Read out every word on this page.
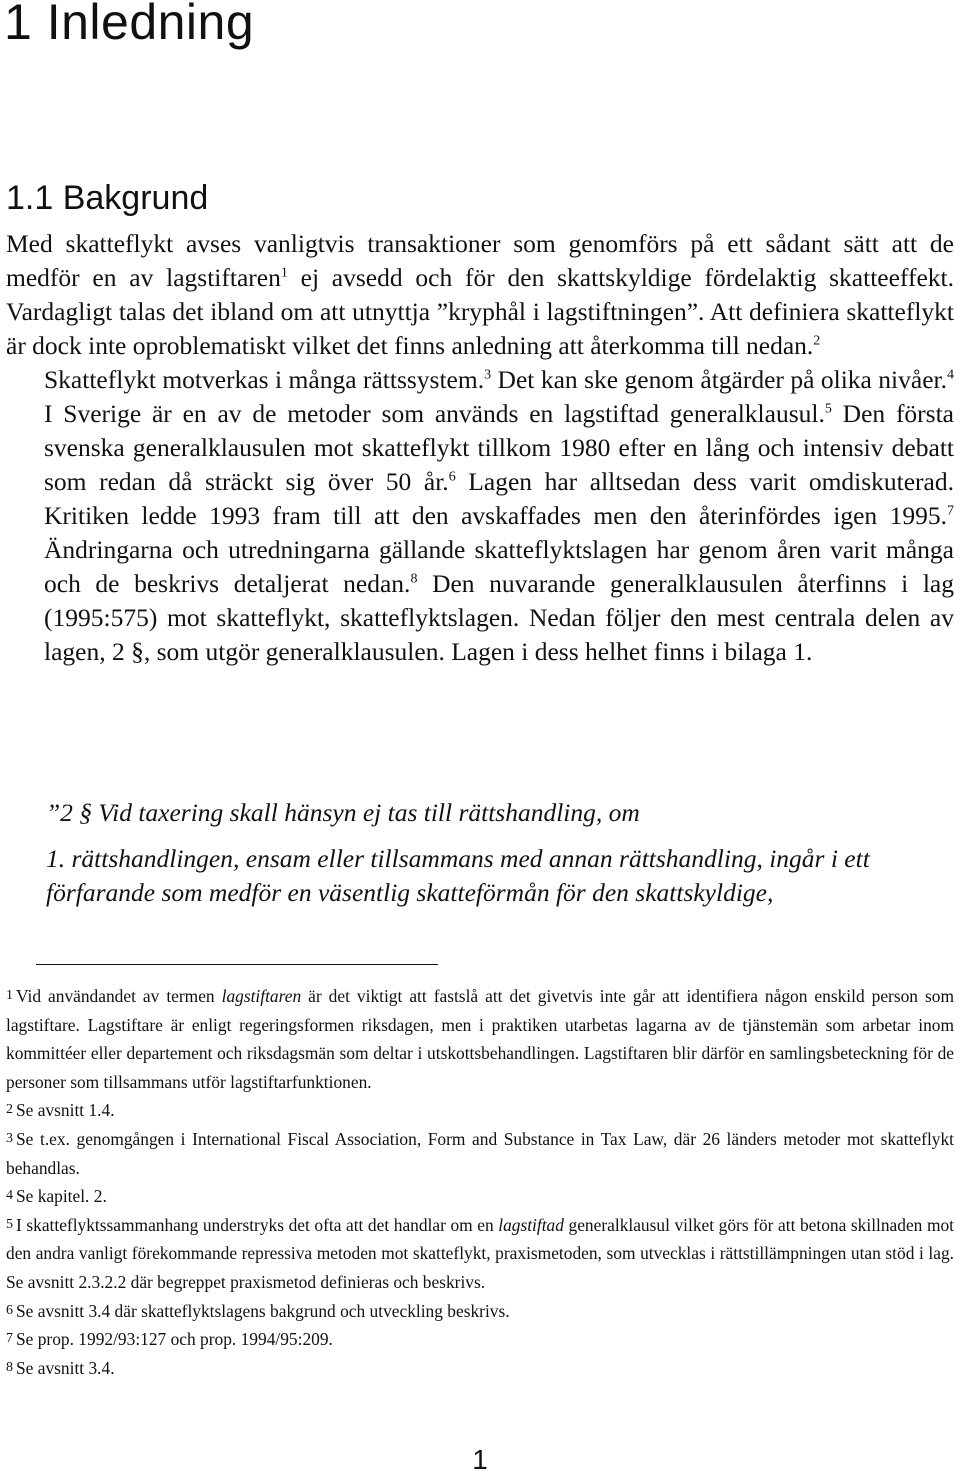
1 Inledning
1.1 Bakgrund

Med skatteflykt avses vanligtvis transaktioner som genomförs på ett sådant sätt att de medför en av lagstiftaren$^1$ ej avsedd och för den skattskyldige fördelaktig skatteeffekt. Vardagligt talas det ibland om att utnyttja ”kryphål i lagstiftningen”. Att definiera skatteflykt är dock inte oproblematiskt vilket det finns anledning att återkomma till nedan.$^2$

Skatteflykt motverkas i många rättssystem.$^3$ Det kan ske genom åtgärder på olika nivåer.$^4$ I Sverige är en av de metoder som används en lagstiftad generalklausul.$^5$ Den första svenska generalklausulen mot skatteflykt tillkom 1980 efter en lång och intensiv debatt som redan då sträckt sig över 50 år.$^6$ Lagen har alltsedan dess varit omdiskuterad. Kritiken ledde 1993 fram till att den avskaffades men den återinfördes igen 1995.$^7$ Ändringarna och utredningarna gällande skatteflyktslagen har genom åren varit många och de beskrivs detaljerat nedan.$^8$ Den nuvarande generalklausulen återfinns i lag (1995:575) mot skatteflykt, skatteflyktslagen. Nedan följer den mest centrala delen av lagen, 2 §, som utgör generalklausulen. Lagen i dess helhet finns i bilaga 1.

”2 § Vid taxering skall hänsyn ej tas till rättshandling, om

1. rättshandlingen, ensam eller tillsammans med annan rättshandling, ingår i ett förfarande som medför en väsentlig skatteförmån för den skattskyldige,

1 Vid användandet av termen lagstiftaren är det viktigt att fastslå att det givetvis inte går att identifiera någon enskild person som lagstiftare. Lagstiftare är enligt regeringsformen riksdagen, men i praktiken utarbetas lagarna av de tjänstemän som arbetar inom kommittéer eller departement och riksdagsmän som deltar i utskottsbehandlingen. Lagstiftaren blir därför en samlingsbeteckning för de personer som tillsammans utför lagstiftarfunktionen.

2 Se avsnitt 1.4.

3 Se t.ex. genomgången i International Fiscal Association, Form and Substance in Tax Law, där 26 länders metoder mot skatteflykt behandlas.

4 Se kapitel. 2.

5 I skatteflyktssammanhang understryks det ofta att det handlar om en lagstiftad generalklausul vilket görs för att betona skillnaden mot den andra vanligt förekommande repressiva metoden mot skatteflykt, praxismetoden, som utvecklas i rättstillämpningen utan stöd i lag. Se avsnitt 2.3.2.2 där begreppet praxismetod definieras och beskrivs.

6 Se avsnitt 3.4 där skatteflyktslagens bakgrund och utveckling beskrivs.

7 Se prop. 1992/93:127 och prop. 1994/95:209.

8 Se avsnitt 3.4.

1
